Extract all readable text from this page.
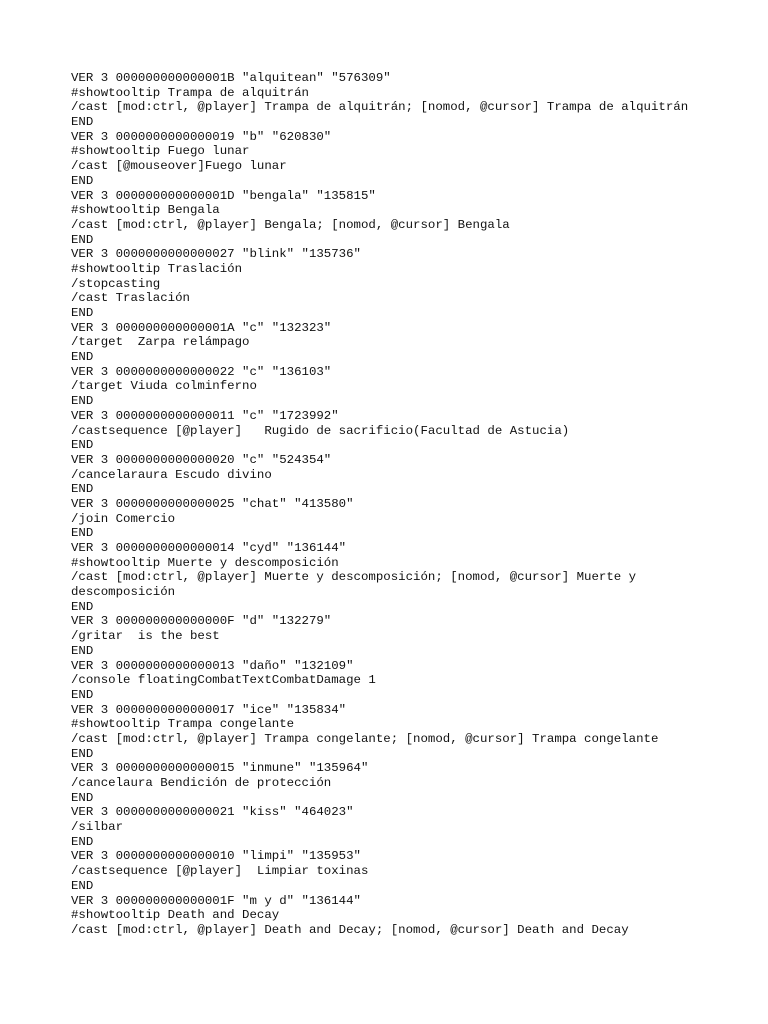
VER 3 000000000000001B "alquitean" "576309"
#showtooltip Trampa de alquitrán
/cast [mod:ctrl, @player] Trampa de alquitrán; [nomod, @cursor] Trampa de alquitrán
END
VER 3 0000000000000019 "b" "620830"
#showtooltip Fuego lunar
/cast [@mouseover]Fuego lunar
END
VER 3 000000000000001D "bengala" "135815"
#showtooltip Bengala
/cast [mod:ctrl, @player] Bengala; [nomod, @cursor] Bengala
END
VER 3 0000000000000027 "blink" "135736"
#showtooltip Traslación
/stopcasting
/cast Traslación
END
VER 3 000000000000001A "c" "132323"
/target  Zarpa relámpago
END
VER 3 0000000000000022 "c" "136103"
/target Viuda colminferno
END
VER 3 0000000000000011 "c" "1723992"
/castsequence [@player]   Rugido de sacrificio(Facultad de Astucia)
END
VER 3 0000000000000020 "c" "524354"
/cancelaraura Escudo divino
END
VER 3 0000000000000025 "chat" "413580"
/join Comercio
END
VER 3 0000000000000014 "cyd" "136144"
#showtooltip Muerte y descomposición
/cast [mod:ctrl, @player] Muerte y descomposición; [nomod, @cursor] Muerte y
descomposición
END
VER 3 000000000000000F "d" "132279"
/gritar  is the best
END
VER 3 0000000000000013 "daño" "132109"
/console floatingCombatTextCombatDamage 1
END
VER 3 0000000000000017 "ice" "135834"
#showtooltip Trampa congelante
/cast [mod:ctrl, @player] Trampa congelante; [nomod, @cursor] Trampa congelante
END
VER 3 0000000000000015 "inmune" "135964"
/cancelaura Bendición de protección
END
VER 3 0000000000000021 "kiss" "464023"
/silbar
END
VER 3 0000000000000010 "limpi" "135953"
/castsequence [@player]  Limpiar toxinas
END
VER 3 000000000000001F "m y d" "136144"
#showtooltip Death and Decay
/cast [mod:ctrl, @player] Death and Decay; [nomod, @cursor] Death and Decay
